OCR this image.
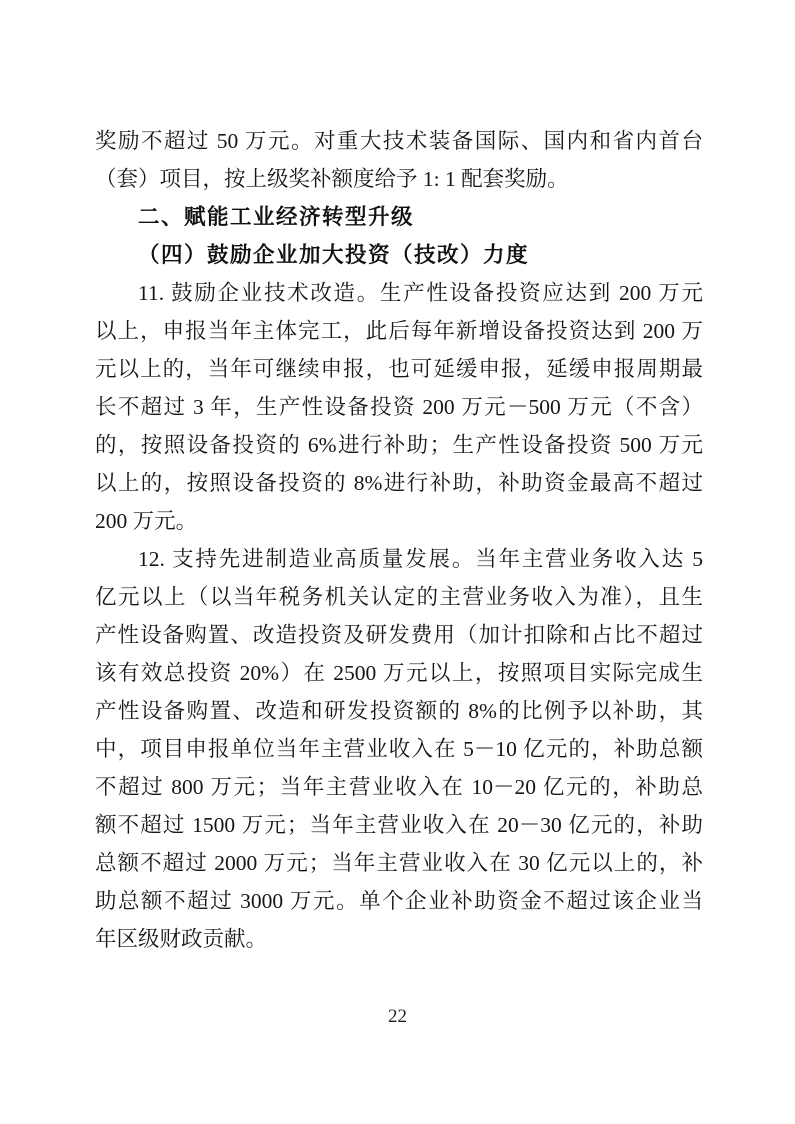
奖励不超过 50 万元。对重大技术装备国际、国内和省内首台
（套）项目，按上级奖补额度给予 1: 1 配套奖励。
二、赋能工业经济转型升级
（四）鼓励企业加大投资（技改）力度
11. 鼓励企业技术改造。生产性设备投资应达到 200 万元
以上，申报当年主体完工，此后每年新增设备投资达到 200 万
元以上的，当年可继续申报，也可延缓申报，延缓申报周期最
长不超过 3 年，生产性设备投资 200 万元－500 万元（不含）
的，按照设备投资的 6%进行补助；生产性设备投资 500 万元
以上的，按照设备投资的 8%进行补助，补助资金最高不超过
200 万元。
12. 支持先进制造业高质量发展。当年主营业务收入达 5
亿元以上（以当年税务机关认定的主营业务收入为准），且生
产性设备购置、改造投资及研发费用（加计扣除和占比不超过
该有效总投资 20%）在 2500 万元以上，按照项目实际完成生
产性设备购置、改造和研发投资额的 8%的比例予以补助，其
中，项目申报单位当年主营业收入在 5－10 亿元的，补助总额
不超过 800 万元；当年主营业收入在 10－20 亿元的，补助总
额不超过 1500 万元；当年主营业收入在 20－30 亿元的，补助
总额不超过 2000 万元；当年主营业收入在 30 亿元以上的，补
助总额不超过 3000 万元。单个企业补助资金不超过该企业当
年区级财政贡献。
22
